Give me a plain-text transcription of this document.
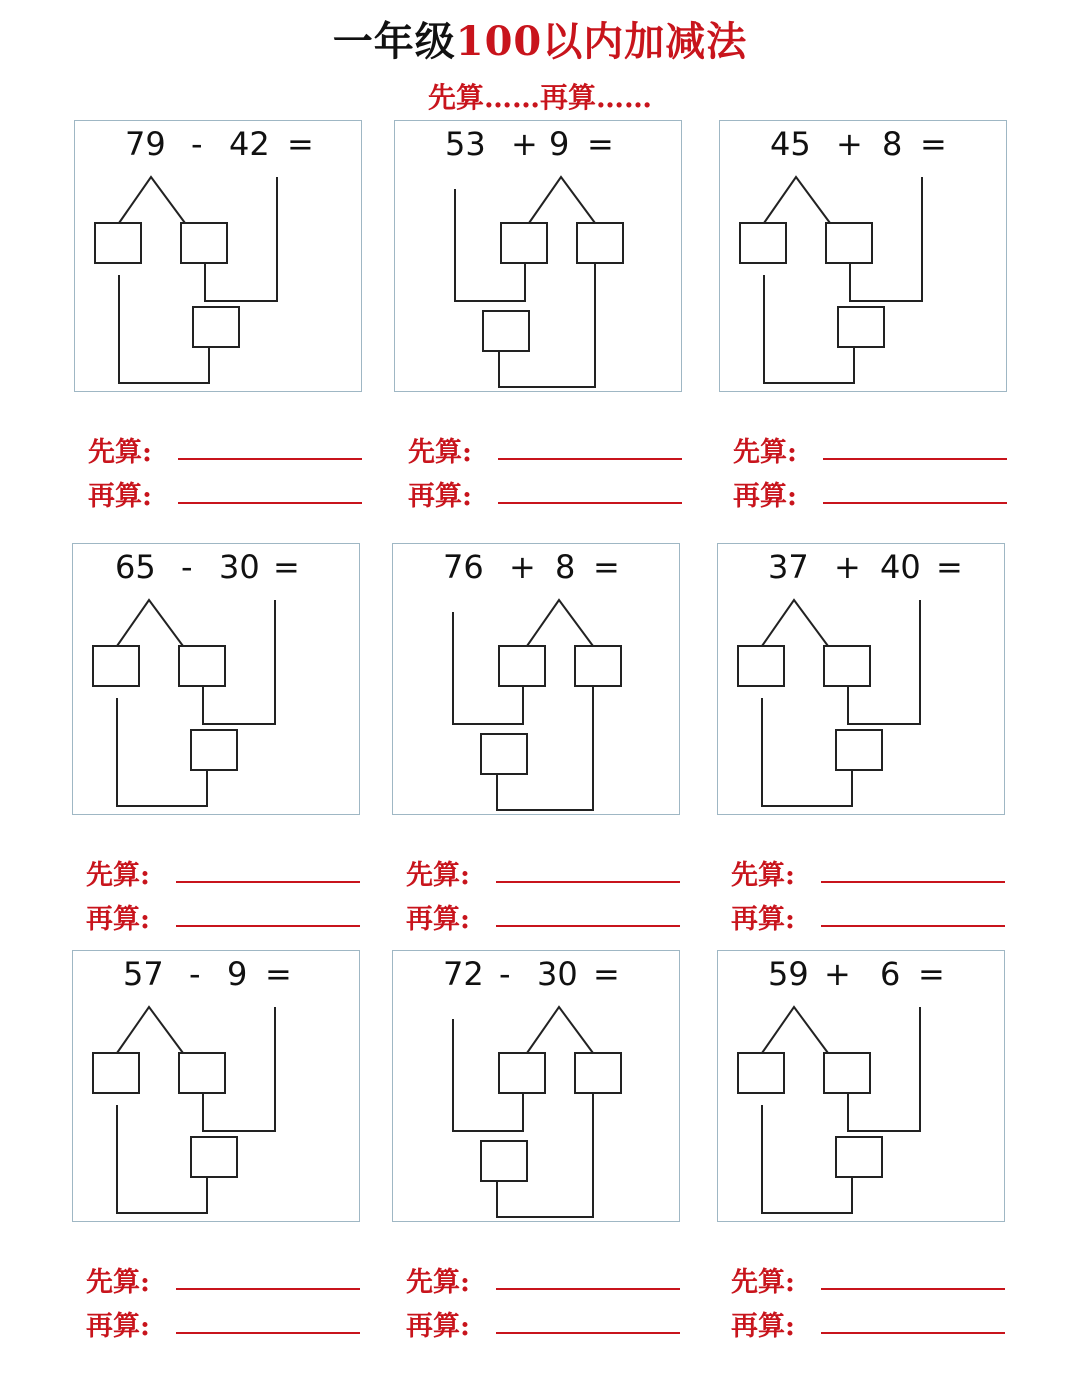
一年级100以内加减法
先算……再算……
79 - 42 =
先算:
再算:
53 + 9 =
先算:
再算:
45 + 8 =
先算:
再算:
65 - 30 =
先算:
再算:
76 + 8 =
先算:
再算:
37 + 40 =
先算:
再算:
57 - 9 =
先算:
再算:
72 - 30 =
先算:
再算:
59 + 6 =
先算:
再算:
